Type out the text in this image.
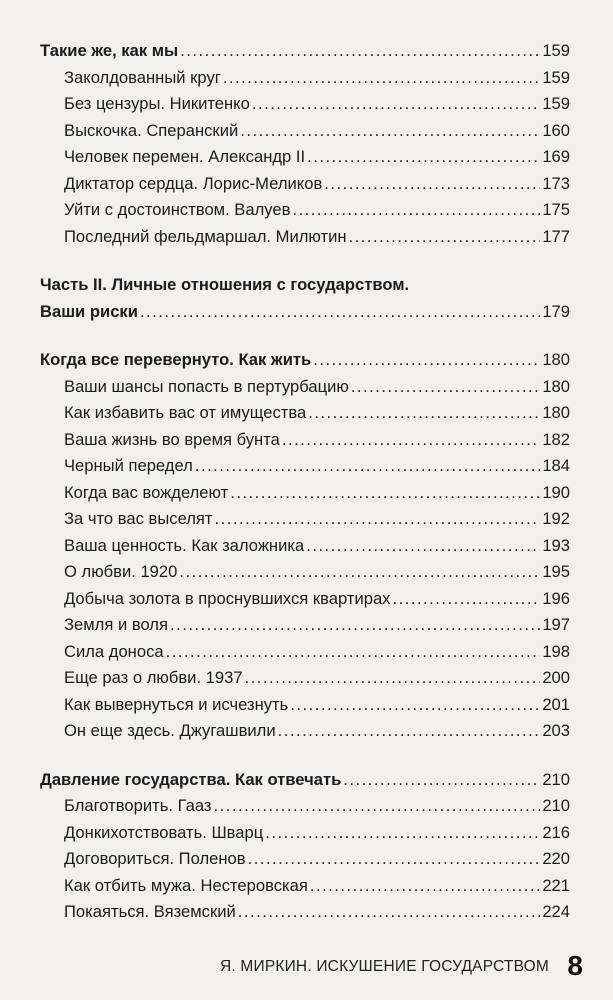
Такие же, как мы .....	159
Заколдованный круг .....	159
Без цензуры. Никитенко .....	159
Выскочка. Сперанский .....	160
Человек перемен. Александр II .....	169
Диктатор сердца. Лорис-Меликов .....	173
Уйти с достоинством. Валуев .....	175
Последний фельдмаршал. Милютин .....	177
Часть II. Личные отношения с государством.
Ваши риски .....	179
Когда все перевернуто. Как жить .....	180
Ваши шансы попасть в пертурбацию .....	180
Как избавить вас от имущества .....	180
Ваша жизнь во время бунта .....	182
Черный передел .....	184
Когда вас вожделеют .....	190
За что вас выселят .....	192
Ваша ценность. Как заложника .....	193
О любви. 1920 .....	195
Добыча золота в проснувшихся квартирах .....	196
Земля и воля .....	197
Сила доноса .....	198
Еще раз о любви. 1937 .....	200
Как вывернуться и исчезнуть .....	201
Он еще здесь. Джугашвили .....	203
Давление государства. Как отвечать .....	210
Благотворить. Гааз .....	210
Донкихотствовать. Шварц .....	216
Договориться. Поленов .....	220
Как отбить мужа. Нестеровская .....	221
Покаяться. Вяземский .....	224
Я. МИРКИН. ИСКУШЕНИЕ ГОСУДАРСТВОМ 8
